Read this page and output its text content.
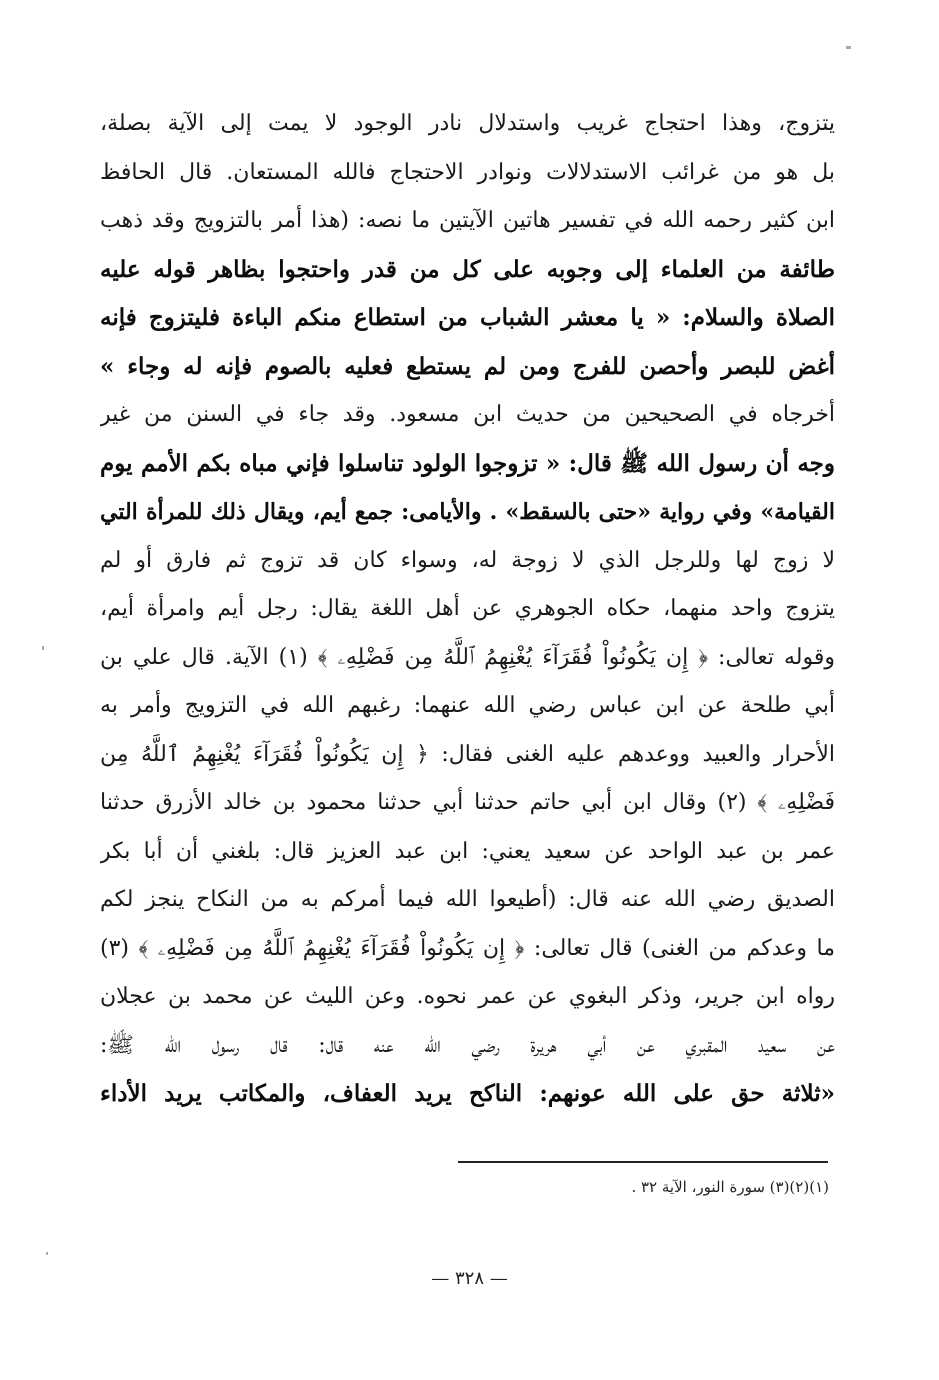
يتزوج، وهذا احتجاج غريب واستدلال نادر الوجود لا يمت إلى الآية بصلة،
بل هو من غرائب الاستدلالات ونوادر الاحتجاج فالله المستعان. قال الحافظ
ابن كثير رحمه الله في تفسير هاتين الآيتين ما نصه: (هذا أمر بالتزويج وقد ذهب
طائفة من العلماء إلى وجوبه على كل من قدر واحتجوا بظاهر قوله عليه
الصلاة والسلام: « يا معشر الشباب من استطاع منكم الباءة فليتزوج فإنه
أغض للبصر وأحصن للفرج ومن لم يستطع فعليه بالصوم فإنه له وجاء »
أخرجاه في الصحيحين من حديث ابن مسعود. وقد جاء في السنن من غير
وجه أن رسول الله ﷺ قال: « تزوجوا الولود تناسلوا فإني مباه بكم الأمم يوم
القيامة» وفي رواية «حتى بالسقط» . والأيامى: جمع أيم، ويقال ذلك للمرأة التي
لا زوج لها وللرجل الذي لا زوجة له، وسواء كان قد تزوج ثم فارق أو لم
يتزوج واحد منهما، حكاه الجوهري عن أهل اللغة يقال: رجل أيم وامرأة أيم،
وقوله تعالى: ﴿ إِن يَكُونُواْ فُقَرَآءَ يُغْنِهِمُ ٱللَّهُ مِن فَضْلِهِۦ ﴾ (١) الآية. قال علي بن
أبي طلحة عن ابن عباس رضي الله عنهما: رغبهم الله في التزويج وأمر به
الأحرار والعبيد ووعدهم عليه الغنى فقال: ﴿ إِن يَكُونُواْ فُقَرَآءَ يُغْنِهِمُ ٱللَّهُ مِن
فَضْلِهِۦ ﴾ (٢) وقال ابن أبي حاتم حدثنا أبي حدثنا محمود بن خالد الأزرق حدثنا
عمر بن عبد الواحد عن سعيد يعني: ابن عبد العزيز قال: بلغني أن أبا بكر
الصديق رضي الله عنه قال: (أطيعوا الله فيما أمركم به من النكاح ينجز لكم
ما وعدكم من الغنى) قال تعالى: ﴿ إِن يَكُونُواْ فُقَرَآءَ يُغْنِهِمُ ٱللَّهُ مِن فَضْلِهِۦ ﴾ (٣)
رواه ابن جرير، وذكر البغوي عن عمر نحوه. وعن الليث عن محمد بن عجلان
عن سعيد المقبري عن أبي هريرة رضي الله عنه قال: قال رسول الله ﷺ:
«ثلاثة حق على الله عونهم: الناكح يريد العفاف، والمكاتب يريد الأداء
(١)(٢)(٣) سورة النور، الآية ٣٢ .
— ٣٢٨ —
